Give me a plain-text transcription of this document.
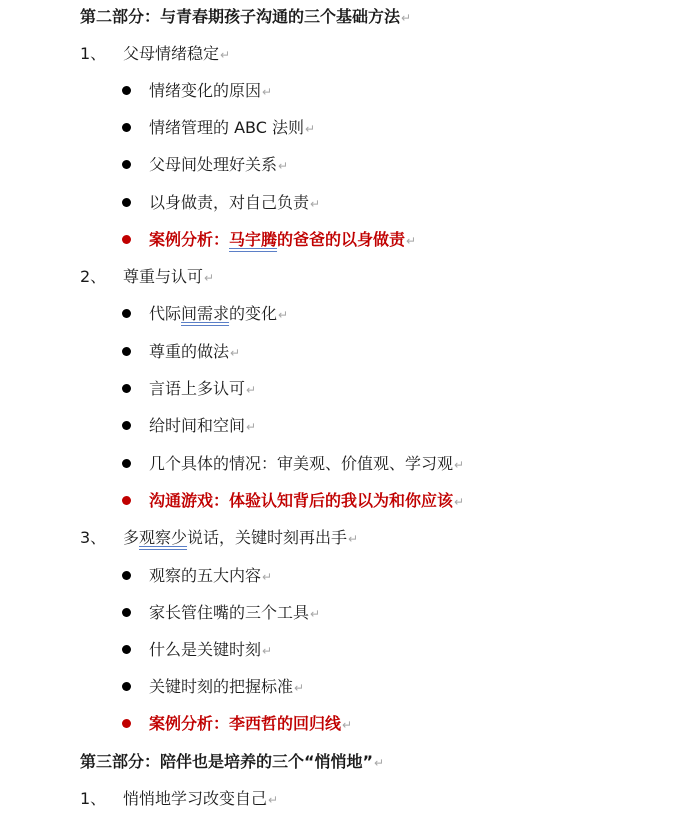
第二部分：与青春期孩子沟通的三个基础方法↵
1、 父母情绪稳定↵
情绪变化的原因↵
情绪管理的 ABC 法则↵
父母间处理好关系↵
以身做责，对自己负责↵
案例分析：马宇腾的爸爸的以身做责↵
2、 尊重与认可↵
代际间需求的变化↵
尊重的做法↵
言语上多认可↵
给时间和空间↵
几个具体的情况：审美观、价值观、学习观↵
沟通游戏：体验认知背后的我以为和你应该↵
3、 多观察少说话，关键时刻再出手↵
观察的五大内容↵
家长管住嘴的三个工具↵
什么是关键时刻↵
关键时刻的把握标准↵
案例分析：李西哲的回归线↵
第三部分：陪伴也是培养的三个“悄悄地”↵
1、 悄悄地学习改变自己↵
